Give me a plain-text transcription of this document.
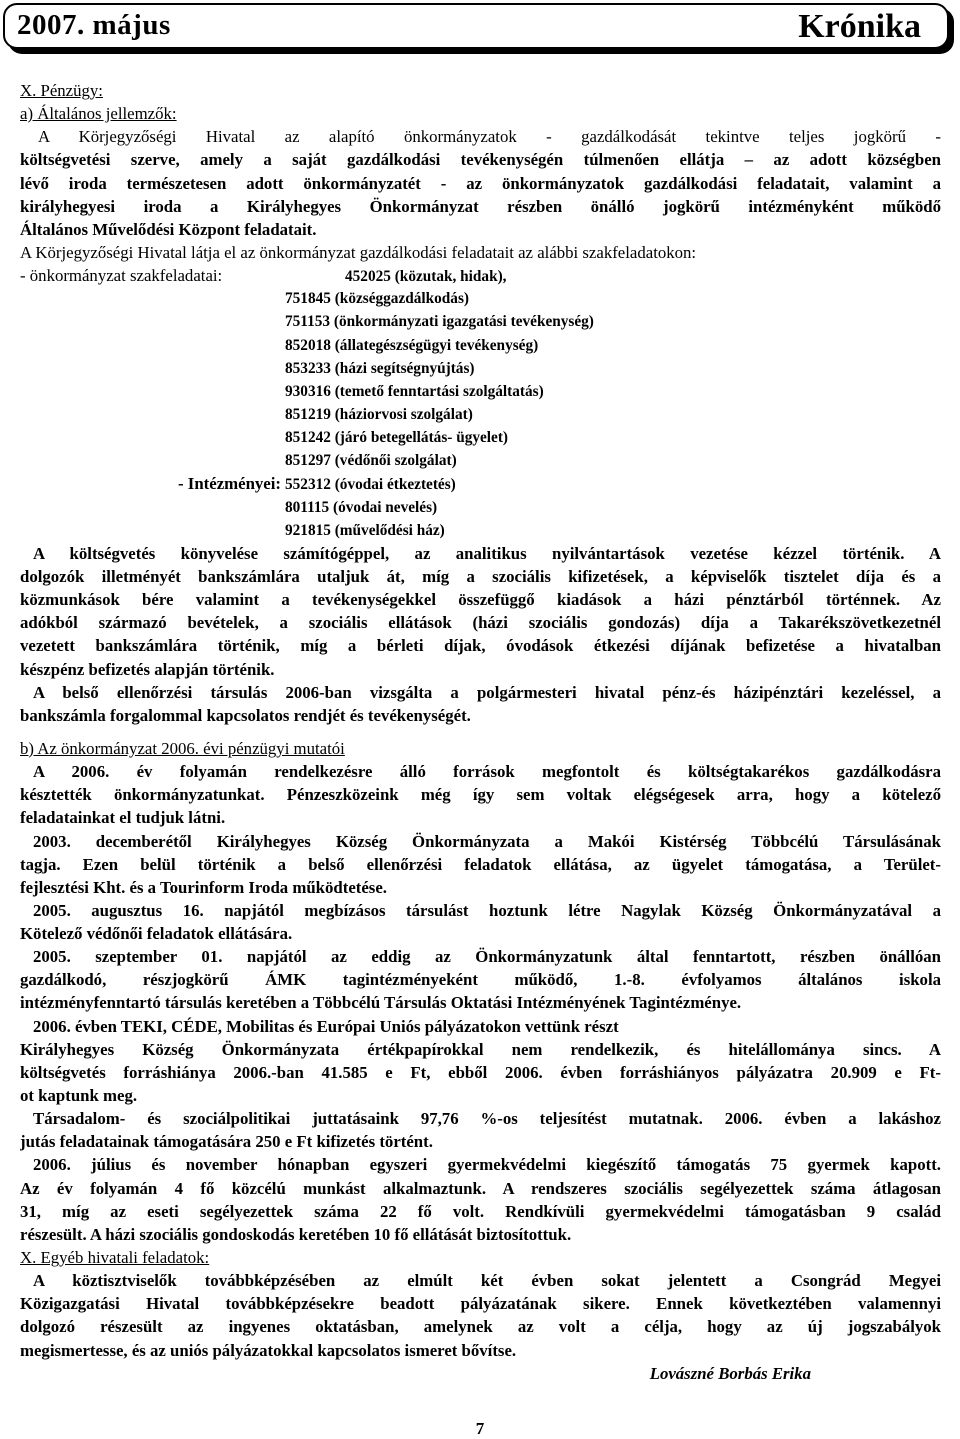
2007. május	Krónika
X. Pénzügy:
a) Általános jellemzők:
A Körjegyzőségi Hivatal az alapító önkormányzatok - gazdálkodását tekintve teljes jogkörű -
költségvetési szerve, amely a saját gazdálkodási tevékenységén túlmenően ellátja – az adott községben
lévő iroda természetesen adott önkormányzatét - az önkormányzatok gazdálkodási feladatait, valamint a
királyhegyesi iroda a Királyhegyes Önkormányzat részben önálló jogkörű intézményként működő
Általános Művelődési Központ feladatait.
A Körjegyzőségi Hivatal látja el az önkormányzat gazdálkodási feladatait az alábbi szakfeladatokon:
- önkormányzat szakfeladatai:	452025 (közutak, hidak),
751845 (községgazdálkodás)
751153 (önkormányzati igazgatási tevékenység)
852018 (állategészségügyi tevékenység)
853233 (házi segítségnyújtás)
930316 (temető fenntartási szolgáltatás)
851219 (háziorvosi szolgálat)
851242 (járó betegellátás- ügyelet)
851297 (védőnői szolgálat)
- Intézményei: 552312 (óvodai étkeztetés)
801115 (óvodai nevelés)
921815 (művelődési ház)
A költségvetés könyvelése számítógéppel, az analitikus nyilvántartások vezetése kézzel történik. A
dolgozók illetményét bankszámlára utaljuk át, míg a szociális kifizetések, a képviselők tisztelet díja és a
közmunkások bére valamint a tevékenységekkel összefüggő kiadások a házi pénztárból történnek. Az
adókból származó bevételek, a szociális ellátások (házi szociális gondozás) díja a Takarékszövetkezetnél
vezetett bankszámlára történik, míg a bérleti díjak, óvodások étkezési díjának befizetése a hivatalban
készpénz befizetés alapján történik.
A belső ellenőrzési társulás 2006-ban vizsgálta a polgármesteri hivatal pénz-és házipénztári kezeléssel, a
bankszámla forgalommal kapcsolatos rendjét és tevékenységét.
b) Az önkormányzat 2006. évi pénzügyi mutatói
A 2006. év folyamán rendelkezésre álló források megfontolt és költségtakarékos gazdálkodásra
késztették önkormányzatunkat. Pénzeszközeink még így sem voltak elégségesek arra, hogy a kötelező
feladatainkat el tudjuk látni.
2003. decemberétől Királyhegyes Község Önkormányzata a Makói Kistérség Többcélú Társulásának
tagja. Ezen belül történik a belső ellenőrzési feladatok ellátása, az ügyelet támogatása, a Terület-
fejlesztési Kht. és a Tourinform Iroda működtetése.
2005. augusztus 16. napjától megbízásos társulást hoztunk létre Nagylak Község Önkormányzatával a
Kötelező védőnői feladatok ellátására.
2005. szeptember 01. napjától az eddig az Önkormányzatunk által fenntartott, részben önállóan
gazdálkodó, részjogkörű ÁMK tagintézményeként működő, 1.-8. évfolyamos általános iskola
intézményfenntartó társulás keretében a Többcélú Társulás Oktatási Intézményének Tagintézménye.
2006. évben TEKI, CÉDE, Mobilitas és Európai Uniós pályázatokon vettünk részt
Királyhegyes Község Önkormányzata értékpapírokkal nem rendelkezik, és hitelállománya sincs. A
költségvetés forráshiánya 2006.-ban 41.585 e Ft, ebből 2006. évben forráshiányos pályázatra 20.909 e Ft-
ot kaptunk meg.
Társadalom- és szociálpolitikai juttatásaink 97,76 %-os teljesítést mutatnak. 2006. évben a lakáshoz
jutás feladatainak támogatására 250 e Ft kifizetés történt.
2006. július és november hónapban egyszeri gyermekvédelmi kiegészítő támogatás 75 gyermek kapott.
Az év folyamán 4 fő közcélú munkást alkalmaztunk. A rendszeres szociális segélyezettek száma átlagosan
31, míg az eseti segélyezettek száma 22 fő volt. Rendkívüli gyermekvédelmi támogatásban 9 család
részesült. A házi szociális gondoskodás keretében 10 fő ellátását biztosítottuk.
X. Egyéb hivatali feladatok:
A köztisztviselők továbbképzésében az elmúlt két évben sokat jelentett a Csongrád Megyei
Közigazgatási Hivatal továbbképzésekre beadott pályázatának sikere. Ennek következtében valamennyi
dolgozó részesült az ingyenes oktatásban, amelynek az volt a célja, hogy az új jogszabályok
megismertesse, és az uniós pályázatokkal kapcsolatos ismeret bővítse.
Lovászné Borbás Erika
7
